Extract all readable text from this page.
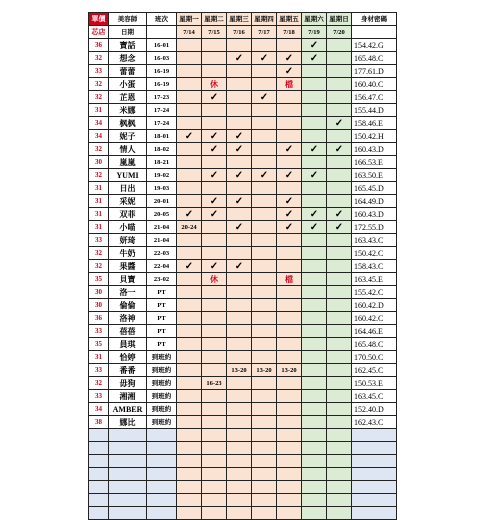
單價	美容師	班次	星期一	星期二	星期三	星期四	星期五	星期六	星期日	身材密碼
芯店	日期		7/14	7/15	7/16	7/17	7/18	7/19	7/20	
36	寶話	16-01						✓		154.42.G
32	想念	16-03			✓	✓	✓	✓		165.48.C
33	蕾蕾	16-19					✓			177.61.D
32	小蛋	16-19		休			檔			160.40.C
32	芷恩	17-23		✓		✓				156.47.C
31	米娜	17-24								155.44.D
34	枫枫	17-24							✓	158.46.E
34	妮子	18-01	✓	✓	✓					150.42.H
32	情人	18-02		✓	✓		✓	✓	✓	160.43.D
30	嵐嵐	18-21								166.53.E
32	YUMI	19-02		✓	✓	✓	✓	✓		163.50.E
31	日出	19-03								165.45.D
31	采妮	20-01		✓	✓		✓			164.49.D
31	双菲	20-05	✓	✓			✓	✓	✓	160.43.D
31	小喵	21-04	20-24		✓		✓	✓	✓	172.55.D
33	妍琦	21-04								163.43.C
32	牛奶	22-03								150.42.C
32	果醬	22-04	✓	✓	✓					158.43.C
35	貝寶	23-02		休			檔			163.45.E
30	洛一	PT								155.42.C
30	倫倫	PT								160.42.D
36	洛神	PT								160.42.C
33	蓓蓓	PT								164.46.E
35	員琪	PT								165.48.C
31	恰婷	到班約								170.50.C
33	番番	到班約			13-20	13-20	13-20			162.45.C
32	毋狗	到班約		16-23						150.53.E
33	湘湘	到班約								163.45.C
34	AMBER	到班約								152.40.D
38	娜比	到班約								162.43.C
